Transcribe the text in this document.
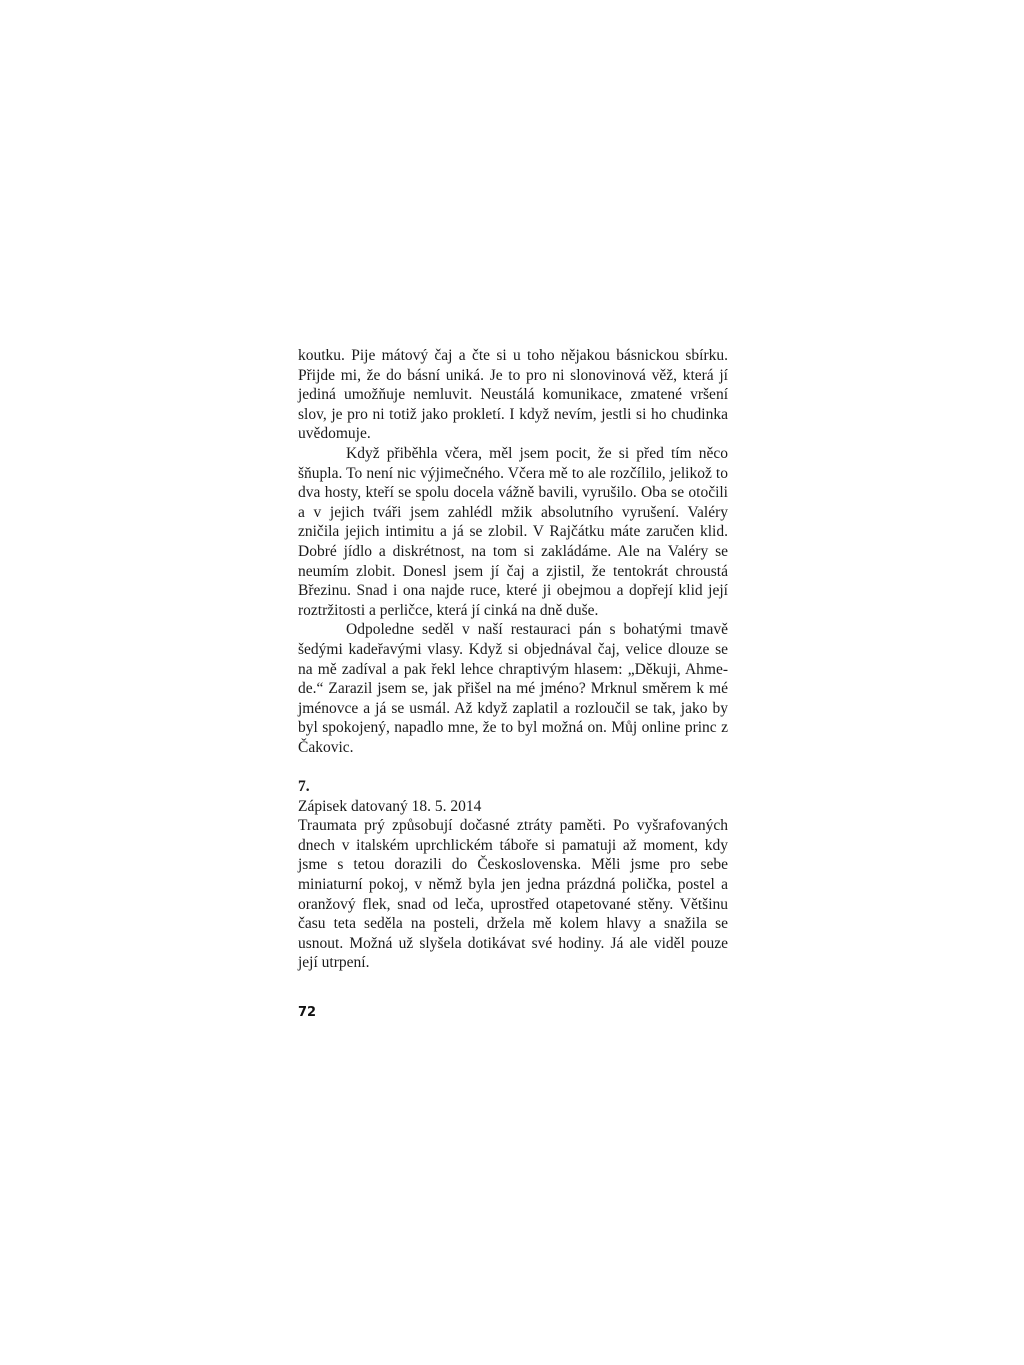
koutku. Pije mátový čaj a čte si u toho nějakou básnickou sbírku. Přijde mi, že do básní uniká. Je to pro ni slonovinová věž, která jí jediná umožňuje nemluvit. Neustálá komunikace, zmatené vršení slov, je pro ni totiž jako prokletí. I když nevím, jestli si ho chudinka uvědomuje.

Když přiběhla včera, měl jsem pocit, že si před tím něco šňupla. To není nic výjimečného. Včera mě to ale rozčílilo, jelikož to dva hosty, kteří se spolu docela vážně bavili, vyrušilo. Oba se otočili a v jejich tváři jsem zahlédl mžik absolutního vyrušení. Valéry zničila jejich intimitu a já se zlobil. V Rajčátku máte zaručen klid. Dobré jídlo a diskrétnost, na tom si zakládáme. Ale na Valéry se neumím zlobit. Donesl jsem jí čaj a zjistil, že tentokrát chroustá Březinu. Snad i ona najde ruce, které ji obejmou a dopřejí klid její roztržitosti a perličce, která jí cinká na dně duše.

Odpoledne seděl v naší restauraci pán s bohatými tmavě šedými kadeřavými vlasy. Když si objednával čaj, velice dlouze se na mě zadíval a pak řekl lehce chraptivým hlasem: „Děkuji, Ahmede.“ Zarazil jsem se, jak přišel na mé jméno? Mrknul směrem k mé jménovce a já se usmál. Až když zaplatil a rozloučil se tak, jako by byl spokojený, napadlo mne, že to byl možná on. Můj online princ z Čakovic.

7.

Zápisek datovaný 18. 5. 2014

Traumata prý způsobují dočasné ztráty paměti. Po vyšrafovaných dnech v italském uprchlickém táboře si pamatuji až moment, kdy jsme s tetou dorazili do Československa. Měli jsme pro sebe miniaturní pokoj, v němž byla jen jedna prázdná polička, postel a oranžový flek, snad od leča, uprostřed otapetované stěny. Většinu času teta seděla na posteli, držela mě kolem hlavy a snažila se usnout. Možná už slyšela dotikávat své hodiny. Já ale viděl pouze její utrpení.

72
